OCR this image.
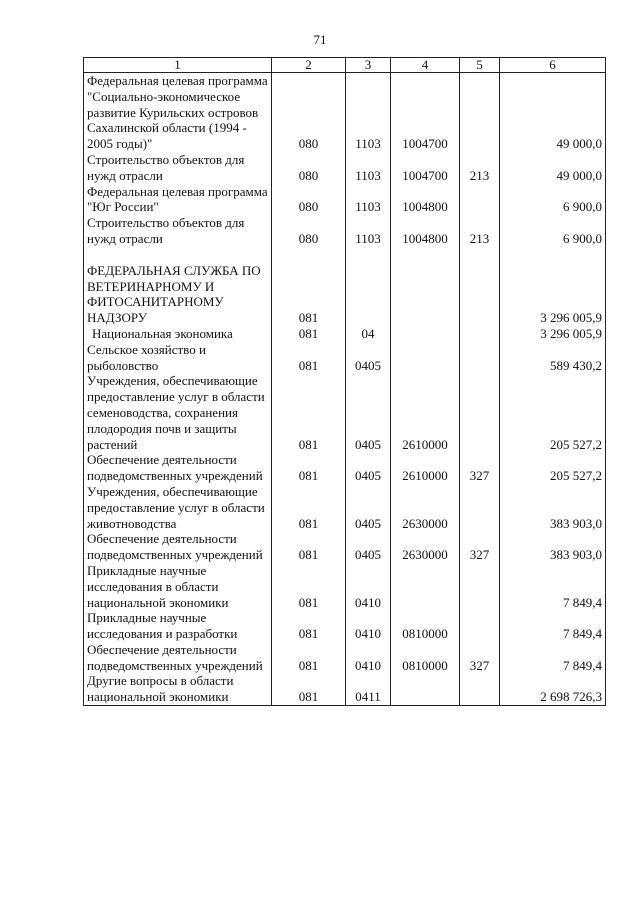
71
1	2	3	4	5	6
Федеральная целевая программа "Социально-экономическое развитие Курильских островов Сахалинской области (1994 - 2005 годы)"	080	1103	1004700		49 000,0
Строительство объектов для нужд отрасли	080	1103	1004700	213	49 000,0
Федеральная целевая программа "Юг России"	080	1103	1004800		6 900,0
Строительство объектов для нужд отрасли	080	1103	1004800	213	6 900,0

ФЕДЕРАЛЬНАЯ СЛУЖБА ПО ВЕТЕРИНАРНОМУ И ФИТОСАНИТАРНОМУ НАДЗОРУ	081				3 296 005,9
Национальная экономика	081	04			3 296 005,9
Сельское хозяйство и рыболовство	081	0405			589 430,2
Учреждения, обеспечивающие предоставление услуг в области семеноводства, сохранения плодородия почв и защиты растений	081	0405	2610000		205 527,2
Обеспечение деятельности подведомственных учреждений	081	0405	2610000	327	205 527,2
Учреждения, обеспечивающие предоставление услуг в области животноводства	081	0405	2630000		383 903,0
Обеспечение деятельности подведомственных учреждений	081	0405	2630000	327	383 903,0
Прикладные научные исследования в области национальной экономики	081	0410			7 849,4
Прикладные научные исследования и разработки	081	0410	0810000		7 849,4
Обеспечение деятельности подведомственных учреждений	081	0410	0810000	327	7 849,4
Другие вопросы в области национальной экономики	081	0411			2 698 726,3
